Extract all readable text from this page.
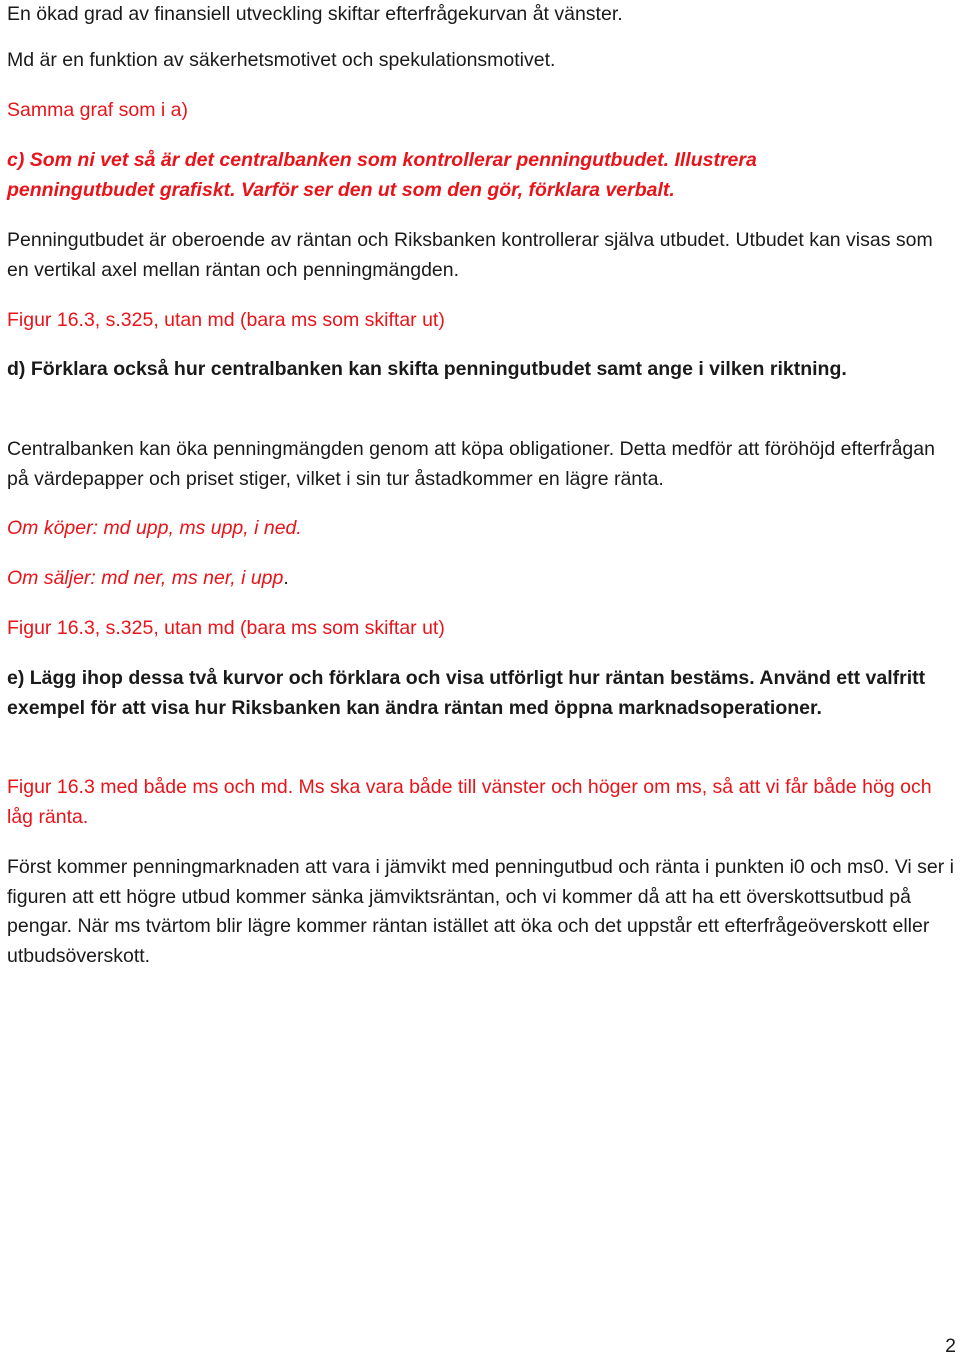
En ökad grad av finansiell utveckling skiftar efterfrågekurvan åt vänster.

Md är en funktion av säkerhetsmotivet och spekulationsmotivet.

Samma graf som i a)

c) Som ni vet så är det centralbanken som kontrollerar penningutbudet. Illustrera penningutbudet grafiskt. Varför ser den ut som den gör, förklara verbalt.

Penningutbudet är oberoende av räntan och Riksbanken kontrollerar själva utbudet. Utbudet kan visas som en vertikal axel mellan räntan och penningmängden.

Figur 16.3, s.325, utan md (bara ms som skiftar ut)

d) Förklara också hur centralbanken kan skifta penningutbudet samt ange i vilken riktning.

Centralbanken kan öka penningmängden genom att köpa obligationer. Detta medför att föröhöjd efterfrågan på värdepapper och priset stiger, vilket i sin tur åstadkommer en lägre ränta.

Om köper: md upp, ms upp, i ned.

Om säljer: md ner, ms ner, i upp.

Figur 16.3, s.325, utan md (bara ms som skiftar ut)

e) Lägg ihop dessa två kurvor och förklara och visa utförligt hur räntan bestäms. Använd ett valfritt exempel för att visa hur Riksbanken kan ändra räntan med öppna marknadsoperationer.

Figur 16.3 med både ms och md. Ms ska vara både till vänster och höger om ms, så att vi får både hög och låg ränta.

Först kommer penningmarknaden att vara i jämvikt med penningutbud och ränta i punkten i0 och ms0. Vi ser i figuren att ett högre utbud kommer sänka jämviktsräntan, och vi kommer då att ha ett överskottsutbud på pengar. När ms tvärtom blir lägre kommer räntan istället att öka och det uppstår ett efterfrågeöverskott eller utbudsöverskott.

2
